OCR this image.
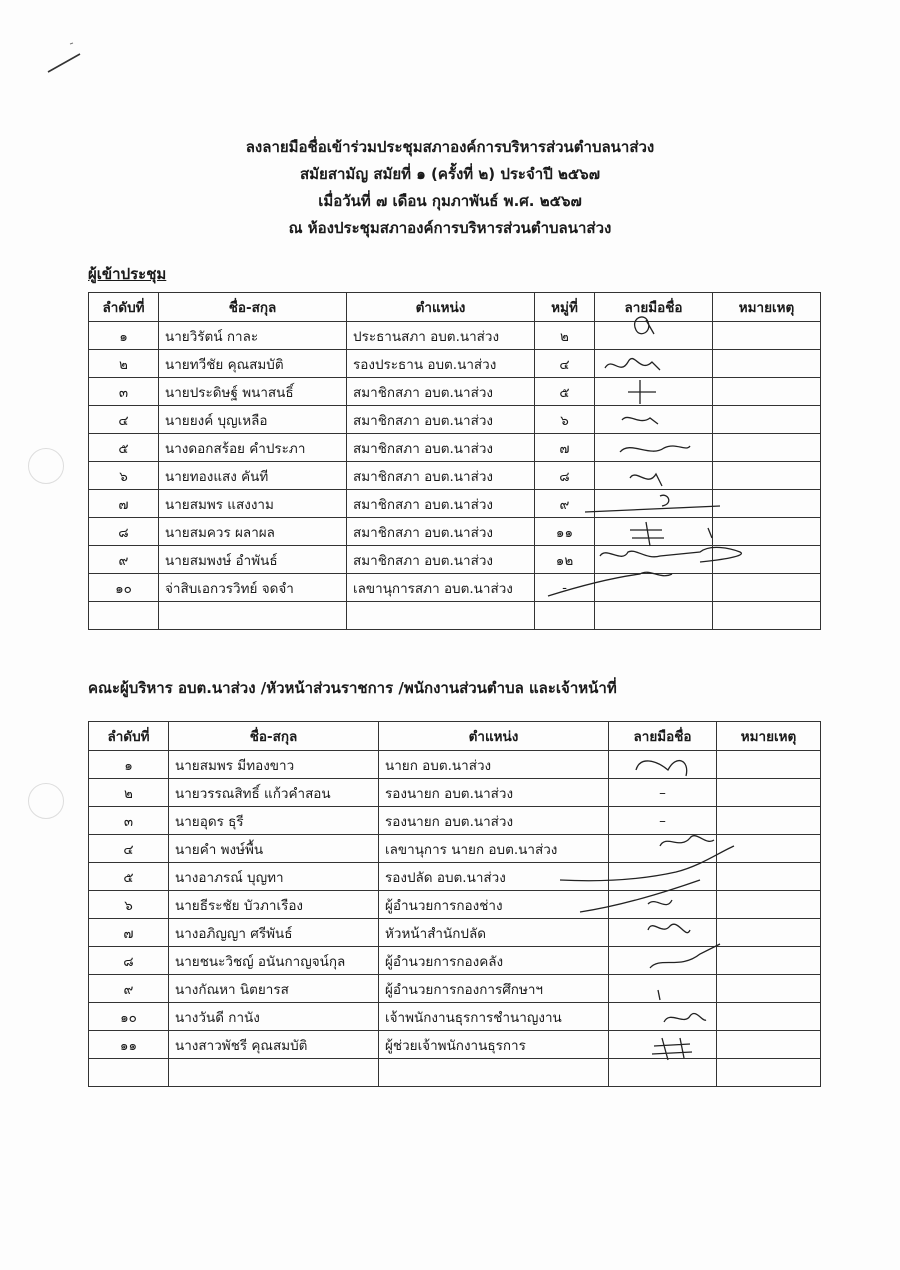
ลงลายมือชื่อเข้าร่วมประชุมสภาองค์การบริหารส่วนตำบลนาส่วง
สมัยสามัญ สมัยที่ ๑ (ครั้งที่ ๒) ประจำปี ๒๕๖๗
เมื่อวันที่ ๗ เดือน กุมภาพันธ์ พ.ศ. ๒๕๖๗
ณ ห้องประชุมสภาองค์การบริหารส่วนตำบลนาส่วง
ผู้เข้าประชุม
ลำดับที่	ชื่อ-สกุล	ตำแหน่ง	หมู่ที่	ลายมือชื่อ	หมายเหตุ
๑	นายวิรัตน์ กาละ	ประธานสภา อบต.นาส่วง	๒		
๒	นายทวีชัย คุณสมบัติ	รองประธาน อบต.นาส่วง	๔		
๓	นายประดิษฐ์ พนาสนธิ์	สมาชิกสภา อบต.นาส่วง	๕		
๔	นายยงค์ บุญเหลือ	สมาชิกสภา อบต.นาส่วง	๖		
๕	นางดอกสร้อย คำประภา	สมาชิกสภา อบต.นาส่วง	๗		
๖	นายทองแสง คันที	สมาชิกสภา อบต.นาส่วง	๘		
๗	นายสมพร แสงงาม	สมาชิกสภา อบต.นาส่วง	๙		
๘	นายสมควร ผลาผล	สมาชิกสภา อบต.นาส่วง	๑๑		
๙	นายสมพงษ์ อำพันธ์	สมาชิกสภา อบต.นาส่วง	๑๒		
๑๐	จ่าสิบเอกวรวิทย์ จดจำ	เลขานุการสภา อบต.นาส่วง	-		

คณะผู้บริหาร อบต.นาส่วง /หัวหน้าส่วนราชการ /พนักงานส่วนตำบล และเจ้าหน้าที่
ลำดับที่	ชื่อ-สกุล	ตำแหน่ง	ลายมือชื่อ	หมายเหตุ
๑	นายสมพร มีทองขาว	นายก อบต.นาส่วง		
๒	นายวรรณสิทธิ์ แก้วคำสอน	รองนายก อบต.นาส่วง	–	
๓	นายอุดร ธุรี	รองนายก อบต.นาส่วง	–	
๔	นายคำ พงษ์พื้น	เลขานุการ นายก อบต.นาส่วง		
๕	นางอาภรณ์ บุญทา	รองปลัด อบต.นาส่วง		
๖	นายธีระชัย บัวภาเรือง	ผู้อำนวยการกองช่าง		
๗	นางอภิญญา ศรีพันธ์	หัวหน้าสำนักปลัด		
๘	นายชนะวิชญ์ อนันกาญจน์กุล	ผู้อำนวยการกองคลัง		
๙	นางกัณหา นิตยารส	ผู้อำนวยการกองการศึกษาฯ		
๑๐	นางวันดี กานัง	เจ้าพนักงานธุรการชำนาญงาน		
๑๑	นางสาวพัชรี คุณสมบัติ	ผู้ช่วยเจ้าพนักงานธุรการ		
